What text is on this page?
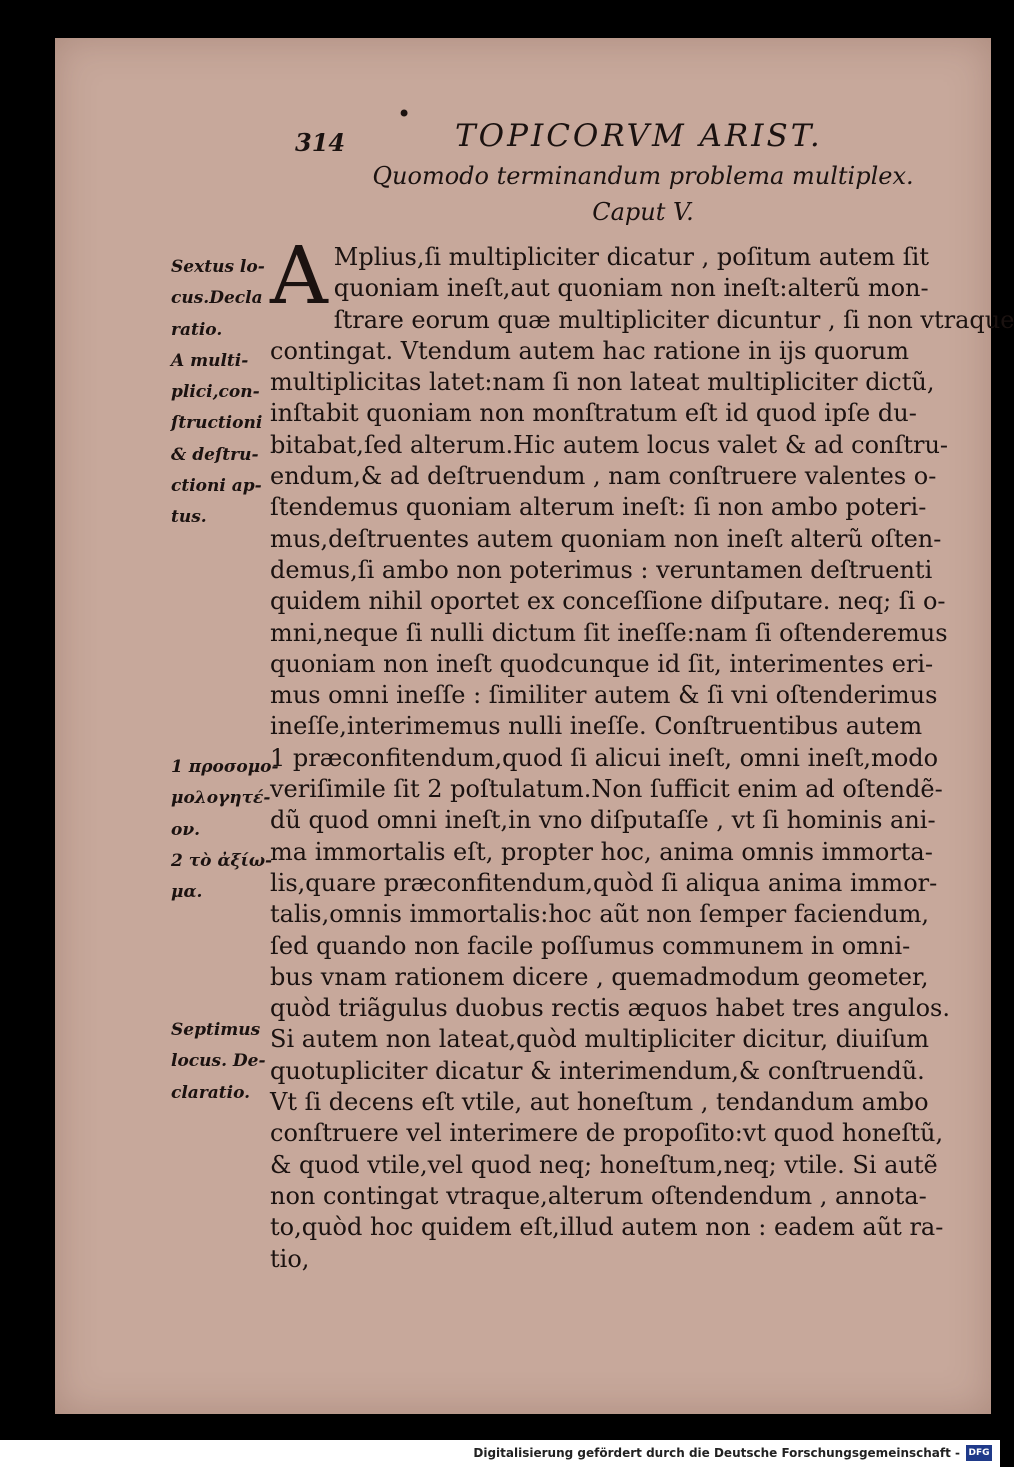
•
314	TOPICORVM ARIST.
Quomodo terminandum problema multiplex.
Caput V.
Sextus lo-
cus.Decla
ratio.
A multi-
plici,con-
ſtructioni
& deſtru-
ctioni ap-
tus.
1 προσομο-
μολογητέ-
ον.
2 τὸ ἀξίω-
μα.
Septimus
locus. De-
claratio.
A Mplius,ſi multipliciter dicatur , poſitum autem ſit
quoniam ineſt,aut quoniam non ineſt:alterũ mon-
ſtrare eorum quæ multipliciter dicuntur , ſi non vtraque
contingat. Vtendum autem hac ratione in ijs quorum
multiplicitas latet:nam ſi non lateat multipliciter dictũ,
inſtabit quoniam non monſtratum eſt id quod ipſe du-
bitabat,ſed alterum.Hic autem locus valet & ad conſtru-
endum,& ad deſtruendum , nam conſtruere valentes o-
ſtendemus quoniam alterum ineſt: ſi non ambo poteri-
mus,deſtruentes autem quoniam non ineſt alterũ oſten-
demus,ſi ambo non poterimus : veruntamen deſtruenti
quidem nihil oportet ex conceſſione diſputare. neq; ſi o-
mni,neque ſi nulli dictum ſit ineſſe:nam ſi oſtenderemus
quoniam non ineſt quodcunque id ſit, interimentes eri-
mus omni ineſſe : ſimiliter autem & ſi vni oſtenderimus
ineſſe,interimemus nulli ineſſe. Conſtruentibus autem
1 præconfitendum,quod ſi alicui ineſt, omni ineſt,modo
veriſimile ſit 2 poſtulatum.Non ſufficit enim ad oſtendẽ-
dũ quod omni ineſt,in vno diſputaſſe , vt ſi hominis ani-
ma immortalis eſt, propter hoc, anima omnis immorta-
lis,quare præconfitendum,quòd ſi aliqua anima immor-
talis,omnis immortalis:hoc aũt non ſemper faciendum,
ſed quando non facile poſſumus communem in omni-
bus vnam rationem dicere , quemadmodum geometer,
quòd triãgulus duobus rectis æquos habet tres angulos.
Si autem non lateat,quòd multipliciter dicitur, diuiſum
quotupliciter dicatur & interimendum,& conſtruendũ.
Vt ſi decens eſt vtile, aut honeſtum , tendandum ambo
conſtruere vel interimere de propoſito:vt quod honeſtũ,
& quod vtile,vel quod neq; honeſtum,neq; vtile. Si autẽ
non contingat vtraque,alterum oſtendendum , annota-
to,quòd hoc quidem eſt,illud autem non : eadem aũt ra-
tio,
Digitalisierung gefördert durch die Deutsche Forschungsgemeinschaft - DFG
